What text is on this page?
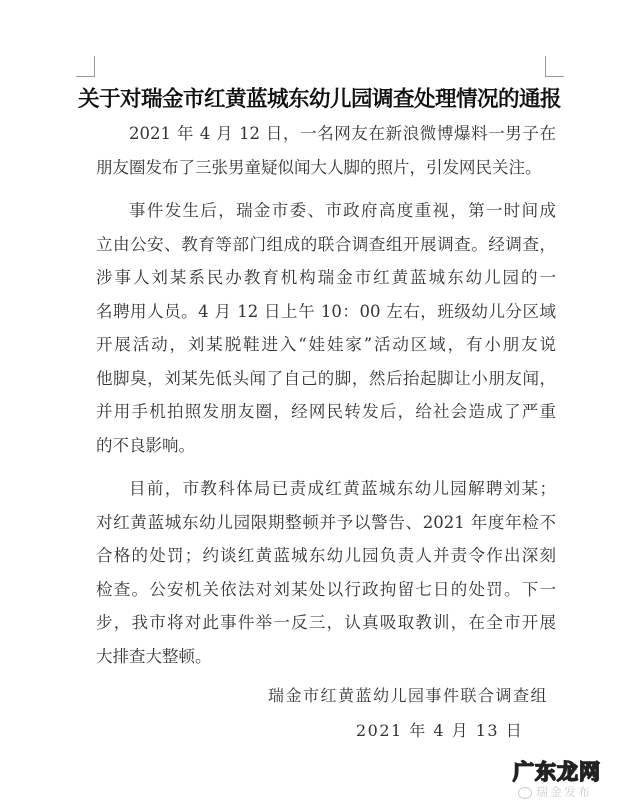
关于对瑞金市红黄蓝城东幼儿园调查处理情况的通报
2021 年 4 月 12 日，一名网友在新浪微博爆料一男子在
朋友圈发布了三张男童疑似闻大人脚的照片，引发网民关注。
事件发生后，瑞金市委、市政府高度重视，第一时间成
立由公安、教育等部门组成的联合调查组开展调查。经调查，
涉事人刘某系民办教育机构瑞金市红黄蓝城东幼儿园的一
名聘用人员。4 月 12 日上午 10：00 左右，班级幼儿分区域
开展活动，刘某脱鞋进入“娃娃家”活动区域，有小朋友说
他脚臭，刘某先低头闻了自己的脚，然后抬起脚让小朋友闻，
并用手机拍照发朋友圈，经网民转发后，给社会造成了严重
的不良影响。
目前，市教科体局已责成红黄蓝城东幼儿园解聘刘某；
对红黄蓝城东幼儿园限期整顿并予以警告、2021 年度年检不
合格的处罚；约谈红黄蓝城东幼儿园负责人并责令作出深刻
检查。公安机关依法对刘某处以行政拘留七日的处罚。下一
步，我市将对此事件举一反三，认真吸取教训，在全市开展
大排查大整顿。
瑞金市红黄蓝幼儿园事件联合调查组
2021 年 4 月 13 日
广东龙网
瑞金发布
